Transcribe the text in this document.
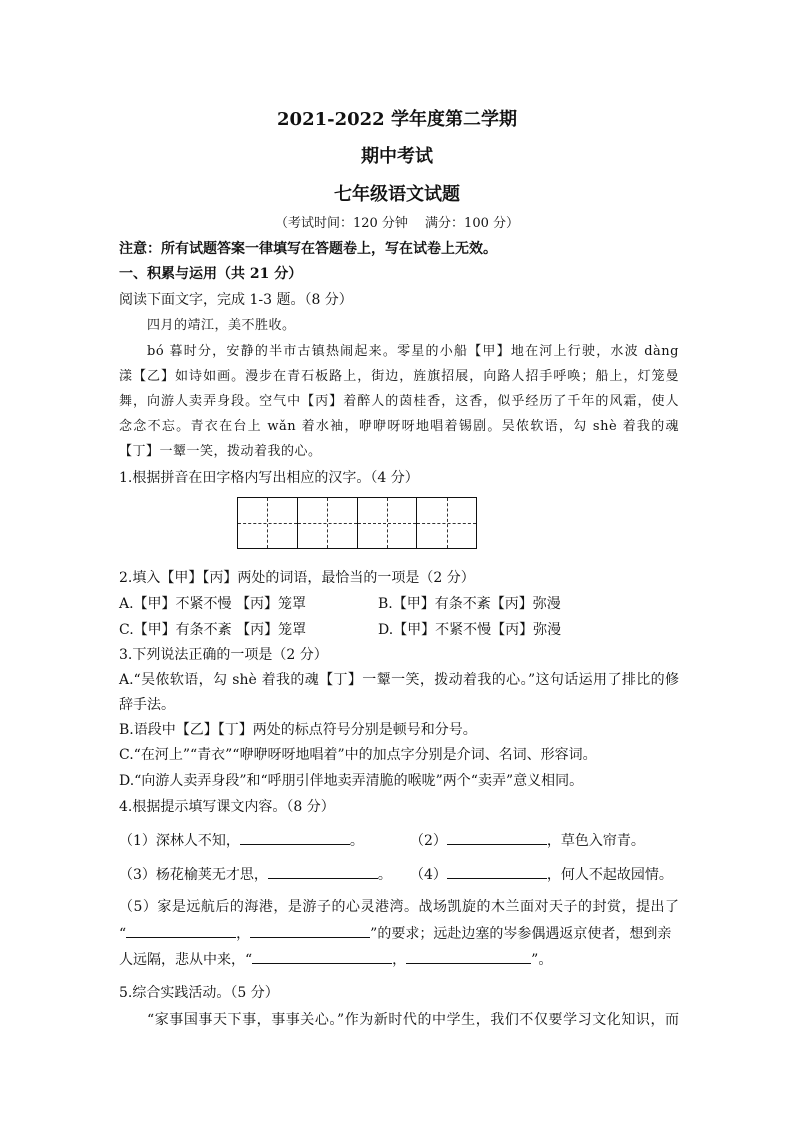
2021-2022 学年度第二学期
期中考试
七年级语文试题
（考试时间：120 分钟　 满分：100 分）
注意：所有试题答案一律填写在答题卷上，写在试卷上无效。
一、积累与运用（共 21 分）
阅读下面文字，完成 1-3 题。（8 分）
四月的靖江，美不胜收。
bó 暮时分，安静的半市古镇热闹起来。零星的小船【甲】地在河上行驶，水波 dàng
漾【乙】如诗如画。漫步在青石板路上，街边，旌旗招展，向路人招手呼唤；船上，灯笼曼
舞，向游人卖弄身段。空气中【丙】着醉人的茵桂香，这香，似乎经历了千年的风霜，使人
念念不忘。青衣在台上 wǎn 着水袖，咿咿呀呀地唱着锡剧。吴侬软语，勾 shè 着我的魂
【丁】一颦一笑，拨动着我的心。
1.根据拼音在田字格内写出相应的汉字。（4 分）
2.填入【甲】【丙】两处的词语，最恰当的一项是（2 分）
A.【甲】不紧不慢 【丙】笼罩	B.【甲】有条不紊【丙】弥漫
C.【甲】有条不紊 【丙】笼罩	D.【甲】不紧不慢【丙】弥漫
3.下列说法正确的一项是（2 分）
A.“吴侬软语，勾 shè 着我的魂【丁】一颦一笑，拨动着我的心。”这句话运用了排比的修
辞手法。
B.语段中【乙】【丁】两处的标点符号分别是顿号和分号。
C.“在河上”“青衣”“咿咿呀呀地唱着”中的加点字分别是介词、名词、形容词。
D.“向游人卖弄身段”和“呼朋引伴地卖弄清脆的喉咙”两个“卖弄”意义相同。
4.根据提示填写课文内容。（8 分）
（1）深林人不知，	。	（2）	，草色入帘青。
（3）杨花榆荚无才思，	。	（4）	，何人不起故园情。
（5）家是远航后的海港，是游子的心灵港湾。战场凯旋的木兰面对天子的封赏，提出了
“	，	”的要求；远赴边塞的岑参偶遇返京使者，想到亲
人远隔，悲从中来，“	，	”。
5.综合实践活动。（5 分）
“家事国事天下事，事事关心。”作为新时代的中学生，我们不仅要学习文化知识，而
